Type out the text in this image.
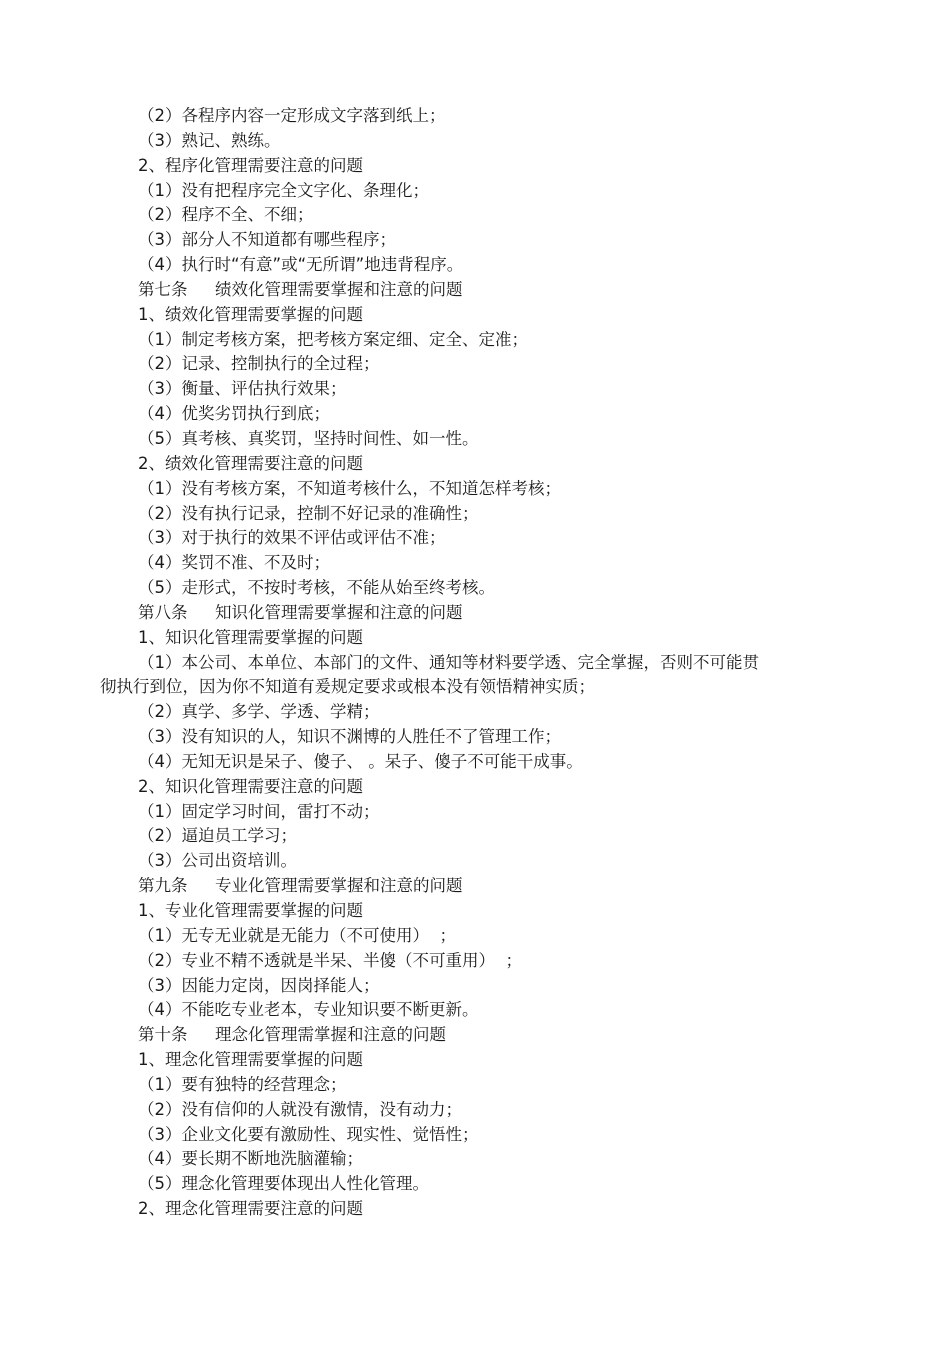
（2）各程序内容一定形成文字落到纸上；
（3）熟记、熟练。
2、程序化管理需要注意的问题
（1）没有把程序完全文字化、条理化；
（2）程序不全、不细；
（3）部分人不知道都有哪些程序；
（4）执行时“有意”或“无所谓”地违背程序。
第七条 绩效化管理需要掌握和注意的问题
1、绩效化管理需要掌握的问题
（1）制定考核方案，把考核方案定细、定全、定准；
（2）记录、控制执行的全过程；
（3）衡量、评估执行效果；
（4）优奖劣罚执行到底；
（5）真考核、真奖罚，坚持时间性、如一性。
2、绩效化管理需要注意的问题
（1）没有考核方案，不知道考核什么，不知道怎样考核；
（2）没有执行记录，控制不好记录的准确性；
（3）对于执行的效果不评估或评估不准；
（4）奖罚不准、不及时；
（5）走形式，不按时考核，不能从始至终考核。
第八条 知识化管理需要掌握和注意的问题
1、知识化管理需要掌握的问题
（1）本公司、本单位、本部门的文件、通知等材料要学透、完全掌握，否则不可能贯
彻执行到位，因为你不知道有爰规定要求或根本没有领悟精神实质；
（2）真学、多学、学透、学精；
（3）没有知识的人，知识不渊博的人胜任不了管理工作；
（4）无知无识是呆子、傻子、 。呆子、傻子不可能干成事。
2、知识化管理需要注意的问题
（1）固定学习时间，雷打不动；
（2）逼迫员工学习；
（3）公司出资培训。
第九条 专业化管理需要掌握和注意的问题
1、专业化管理需要掌握的问题
（1）无专无业就是无能力（不可使用）  ；
（2）专业不精不透就是半呆、半傻（不可重用）  ；
（3）因能力定岗，因岗择能人；
（4）不能吃专业老本，专业知识要不断更新。
第十条 理念化管理需掌握和注意的问题
1、理念化管理需要掌握的问题
（1）要有独特的经营理念；
（2）没有信仰的人就没有激情，没有动力；
（3）企业文化要有激励性、现实性、觉悟性；
（4）要长期不断地洗脑灌输；
（5）理念化管理要体现出人性化管理。
2、理念化管理需要注意的问题
